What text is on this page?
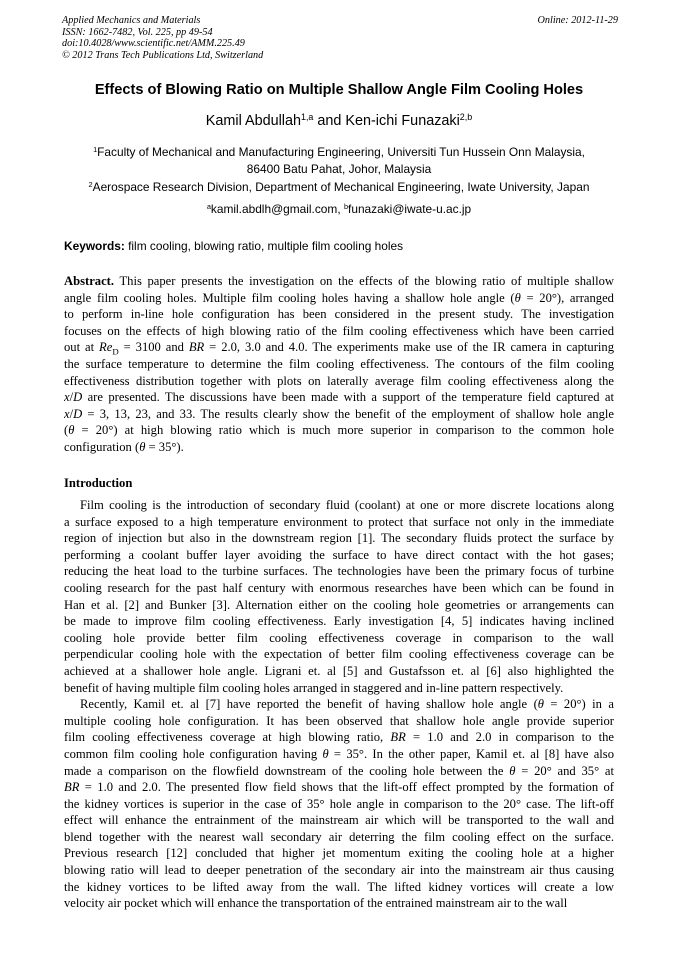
Applied Mechanics and Materials
ISSN: 1662-7482, Vol. 225, pp 49-54
doi:10.4028/www.scientific.net/AMM.225.49
© 2012 Trans Tech Publications Ltd, Switzerland
Online: 2012-11-29
Effects of Blowing Ratio on Multiple Shallow Angle Film Cooling Holes
Kamil Abdullah$^{1,a}$ and Ken-ichi Funazaki$^{2,b}$
$^1$Faculty of Mechanical and Manufacturing Engineering, Universiti Tun Hussein Onn Malaysia,
86400 Batu Pahat, Johor, Malaysia
$^2$Aerospace Research Division, Department of Mechanical Engineering, Iwate University, Japan
$^a$kamil.abdlh@gmail.com, $^b$funazaki@iwate-u.ac.jp
Keywords: film cooling, blowing ratio, multiple film cooling holes
Abstract. This paper presents the investigation on the effects of the blowing ratio of multiple shallow
angle film cooling holes. Multiple film cooling holes having a shallow hole angle (θ = 20°), arranged
to perform in-line hole configuration has been considered in the present study. The investigation
focuses on the effects of high blowing ratio of the film cooling effectiveness which have been carried
out at $Re_D = 3100$ and BR = 2.0, 3.0 and 4.0. The experiments make use of the IR camera in capturing
the surface temperature to determine the film cooling effectiveness. The contours of the film cooling
effectiveness distribution together with plots on laterally average film cooling effectiveness along the
x/D are presented. The discussions have been made with a support of the temperature field captured at
x/D = 3, 13, 23, and 33. The results clearly show the benefit of the employment of shallow hole angle
(θ = 20°) at high blowing ratio which is much more superior in comparison to the common hole
configuration (θ = 35°).
Introduction
Film cooling is the introduction of secondary fluid (coolant) at one or more discrete locations along
a surface exposed to a high temperature environment to protect that surface not only in the immediate
region of injection but also in the downstream region [1]. The secondary fluids protect the surface by
performing a coolant buffer layer avoiding the surface to have direct contact with the hot gases;
reducing the heat load to the turbine surfaces. The technologies have been the primary focus of turbine
cooling research for the past half century with enormous researches have been which can be found in
Han et al. [2] and Bunker [3]. Alternation either on the cooling hole geometries or arrangements can
be made to improve film cooling effectiveness. Early investigation [4, 5] indicates having inclined
cooling hole provide better film cooling effectiveness coverage in comparison to the wall
perpendicular cooling hole with the expectation of better film cooling effectiveness coverage can be
achieved at a shallower hole angle. Ligrani et. al [5] and Gustafsson et. al [6] also highlighted the
benefit of having multiple film cooling holes arranged in staggered and in-line pattern respectively.
Recently, Kamil et. al [7] have reported the benefit of having shallow hole angle (θ = 20°) in a
multiple cooling hole configuration. It has been observed that shallow hole angle provide superior
film cooling effectiveness coverage at high blowing ratio, BR = 1.0 and 2.0 in comparison to the
common film cooling hole configuration having θ = 35°. In the other paper, Kamil et. al [8] have also
made a comparison on the flowfield downstream of the cooling hole between the θ = 20° and 35° at
BR = 1.0 and 2.0. The presented flow field shows that the lift-off effect prompted by the formation of
the kidney vortices is superior in the case of 35° hole angle in comparison to the 20° case. The lift-off
effect will enhance the entrainment of the mainstream air which will be transported to the wall and
blend together with the nearest wall secondary air deterring the film cooling effect on the surface.
Previous research [12] concluded that higher jet momentum exiting the cooling hole at a higher
blowing ratio will lead to deeper penetration of the secondary air into the mainstream air thus causing
the kidney vortices to be lifted away from the wall. The lifted kidney vortices will create a low
velocity air pocket which will enhance the transportation of the entrained mainstream air to the wall
